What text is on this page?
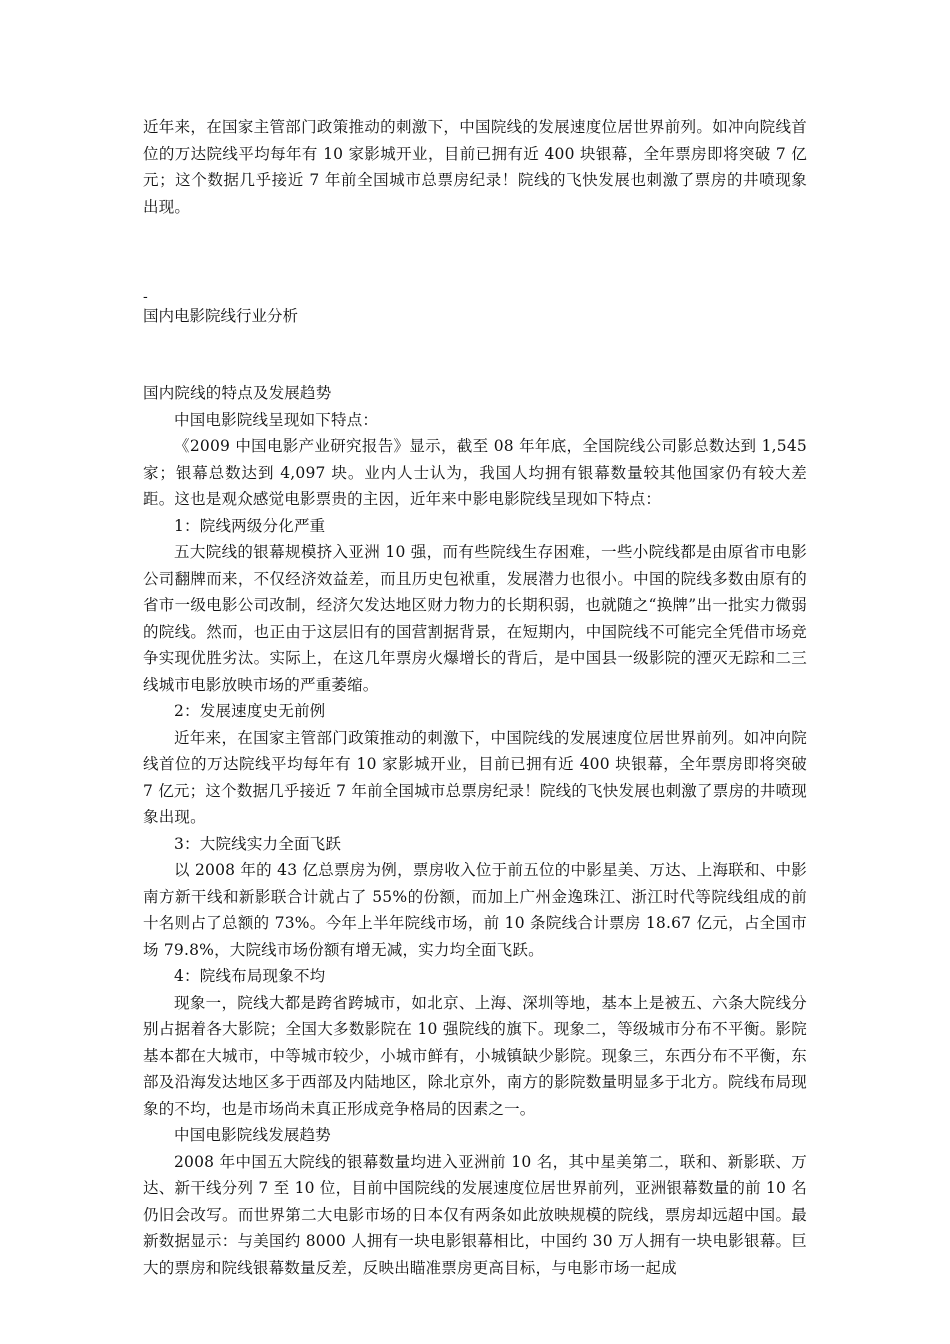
近年来，在国家主管部门政策推动的刺激下，中国院线的发展速度位居世界前列。如冲向院线首位的万达院线平均每年有 10 家影城开业，目前已拥有近 400 块银幕，全年票房即将突破 7 亿元；这个数据几乎接近 7 年前全国城市总票房纪录！院线的飞快发展也刺激了票房的井喷现象出现。

-

国内电影院线行业分析

国内院线的特点及发展趋势

中国电影院线呈现如下特点：

《2009 中国电影产业研究报告》显示，截至 08 年年底，全国院线公司影总数达到 1,545 家；银幕总数达到 4,097 块。业内人士认为，我国人均拥有银幕数量较其他国家仍有较大差距。这也是观众感觉电影票贵的主因，近年来中影电影院线呈现如下特点：

1：院线两级分化严重

五大院线的银幕规模挤入亚洲 10 强，而有些院线生存困难，一些小院线都是由原省市电影公司翻牌而来，不仅经济效益差，而且历史包袱重，发展潜力也很小。中国的院线多数由原有的省市一级电影公司改制，经济欠发达地区财力物力的长期积弱，也就随之“换牌”出一批实力微弱的院线。然而，也正由于这层旧有的国营割据背景，在短期内，中国院线不可能完全凭借市场竞争实现优胜劣汰。实际上，在这几年票房火爆增长的背后，是中国县一级影院的湮灭无踪和二三线城市电影放映市场的严重萎缩。

2：发展速度史无前例

近年来，在国家主管部门政策推动的刺激下，中国院线的发展速度位居世界前列。如冲向院线首位的万达院线平均每年有 10 家影城开业，目前已拥有近 400 块银幕，全年票房即将突破 7 亿元；这个数据几乎接近 7 年前全国城市总票房纪录！院线的飞快发展也刺激了票房的井喷现象出现。

3：大院线实力全面飞跃

以 2008 年的 43 亿总票房为例，票房收入位于前五位的中影星美、万达、上海联和、中影南方新干线和新影联合计就占了 55%的份额，而加上广州金逸珠江、浙江时代等院线组成的前十名则占了总额的 73%。今年上半年院线市场，前 10 条院线合计票房 18.67 亿元，占全国市场 79.8%，大院线市场份额有增无减，实力均全面飞跃。

4：院线布局现象不均

现象一，院线大都是跨省跨城市，如北京、上海、深圳等地，基本上是被五、六条大院线分别占据着各大影院；全国大多数影院在 10 强院线的旗下。现象二，等级城市分布不平衡。影院基本都在大城市，中等城市较少，小城市鲜有，小城镇缺少影院。现象三，东西分布不平衡，东部及沿海发达地区多于西部及内陆地区，除北京外，南方的影院数量明显多于北方。院线布局现象的不均，也是市场尚未真正形成竞争格局的因素之一。

中国电影院线发展趋势

2008 年中国五大院线的银幕数量均进入亚洲前 10 名，其中星美第二，联和、新影联、万达、新干线分列 7 至 10 位，目前中国院线的发展速度位居世界前列，亚洲银幕数量的前 10 名仍旧会改写。而世界第二大电影市场的日本仅有两条如此放映规模的院线，票房却远超中国。最新数据显示：与美国约 8000 人拥有一块电影银幕相比，中国约 30 万人拥有一块电影银幕。巨大的票房和院线银幕数量反差，反映出瞄准票房更高目标，与电影市场一起成
